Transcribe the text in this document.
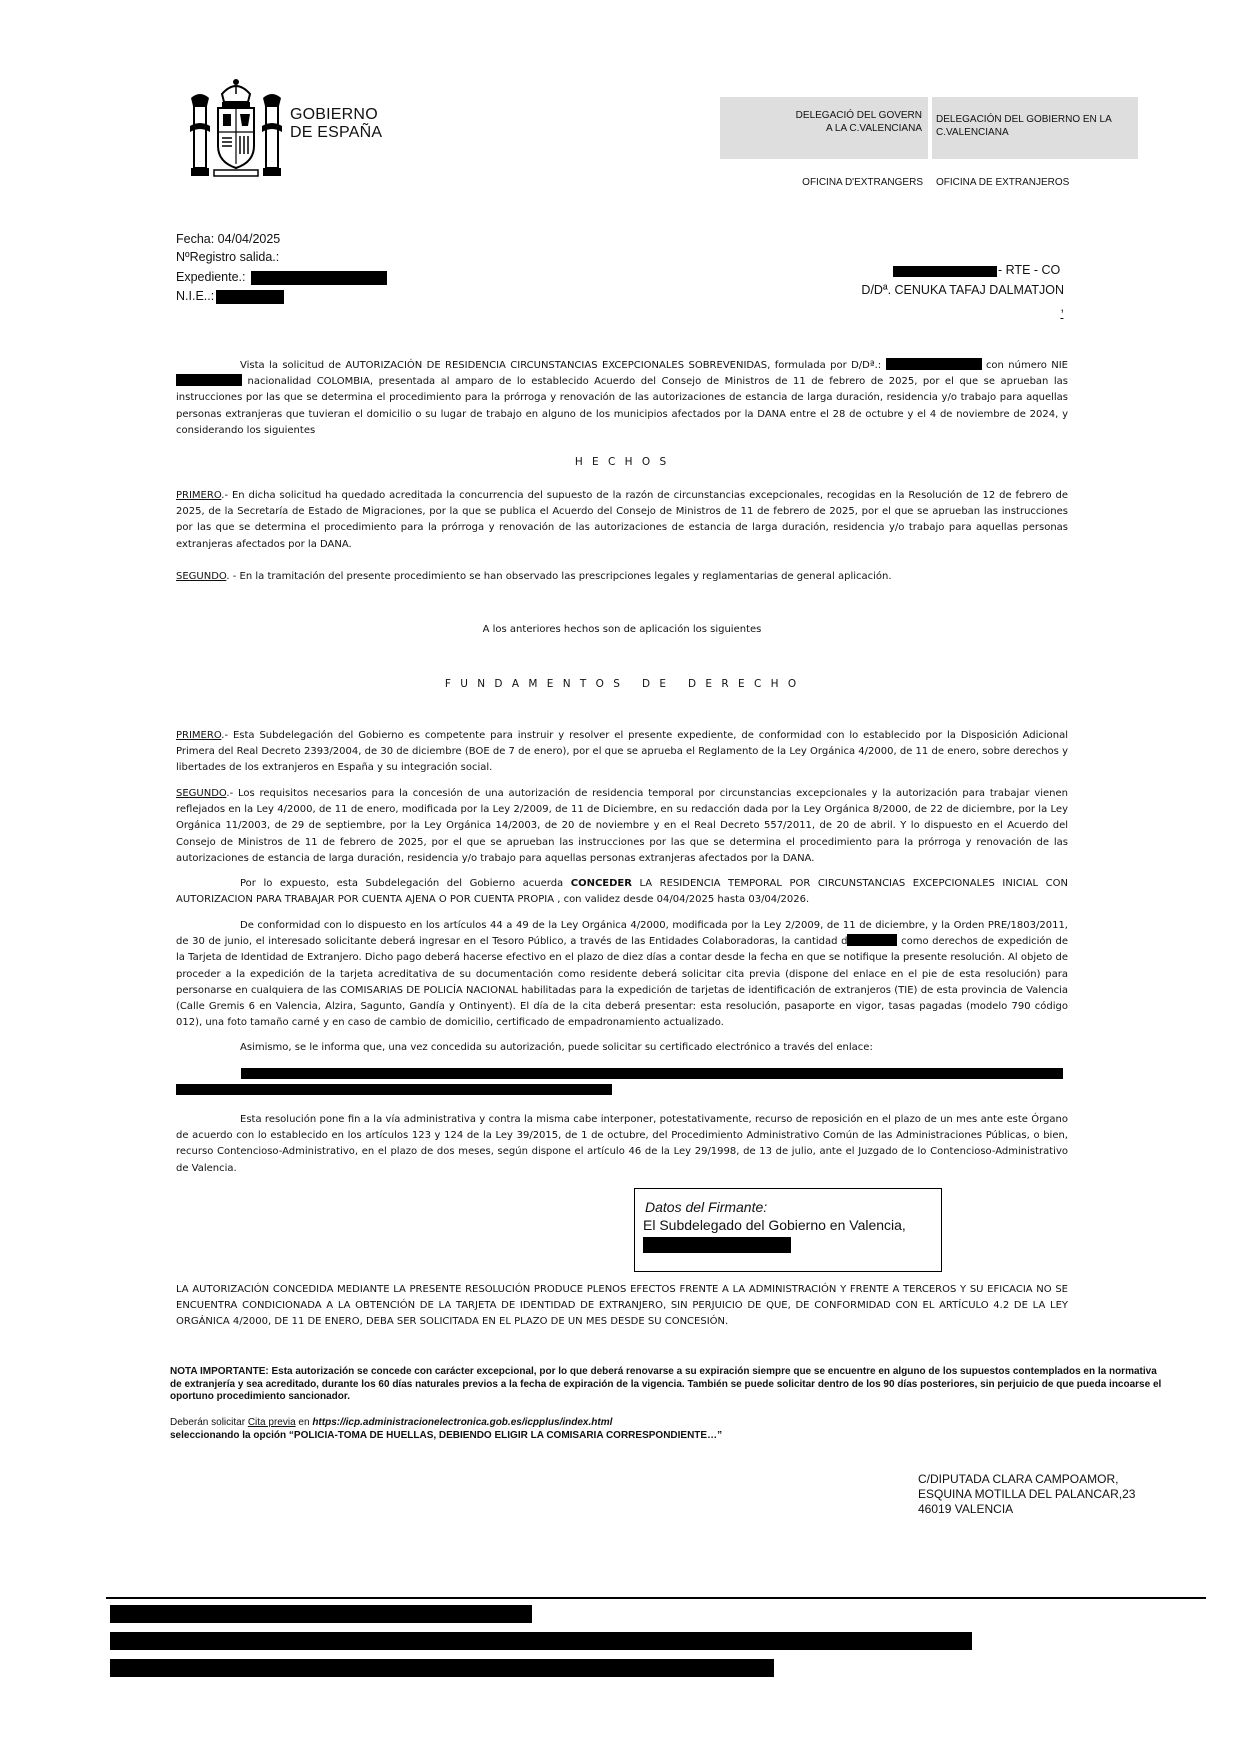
GOBIERNO
DE ESPAÑA
DELEGACIÓ DEL GOVERN
A LA C.VALENCIANA
DELEGACIÓN DEL GOBIERNO EN LA
C.VALENCIANA
OFICINA D'EXTRANGERS OFICINA DE EXTRANJEROS
Fecha: 04/04/2025
NºRegistro salida.:
Expediente.:
N.I.E..:
- RTE - CO
D/Dª. CENUKA TAFAJ DALMATJON
,
-
Vista la solicitud de AUTORIZACIÓN DE RESIDENCIA CIRCUNSTANCIAS EXCEPCIONALES SOBREVENIDAS, formulada por D/Dª.:	con número NIE  nacionalidad COLOMBIA, presentada al amparo de lo establecido Acuerdo del Consejo de Ministros de 11 de febrero de 2025, por el que se aprueban las instrucciones por las que se determina el procedimiento para la prórroga y renovación de las autorizaciones de estancia de larga duración, residencia y/o trabajo para aquellas personas extranjeras que tuvieran el domicilio o su lugar de trabajo en alguno de los municipios afectados por la DANA entre el 28 de octubre y el 4 de noviembre de 2024, y considerando los siguientes
H E C H O S
PRIMERO.- En dicha solicitud ha quedado acreditada la concurrencia del supuesto de la razón de circunstancias excepcionales, recogidas en la Resolución de 12 de febrero de 2025, de la Secretaría de Estado de Migraciones, por la que se publica el Acuerdo del Consejo de Ministros de 11 de febrero de 2025, por el que se aprueban las instrucciones por las que se determina el procedimiento para la prórroga y renovación de las autorizaciones de estancia de larga duración, residencia y/o trabajo para aquellas personas extranjeras afectados por la DANA.
SEGUNDO. - En la tramitación del presente procedimiento se han observado las prescripciones legales y reglamentarias de general aplicación.
A los anteriores hechos son de aplicación los siguientes
F U N D A M E N T O S   D E   D E R E C H O
PRIMERO.- Esta Subdelegación del Gobierno es competente para instruir y resolver el presente expediente, de conformidad con lo establecido por la Disposición Adicional Primera del Real Decreto 2393/2004, de 30 de diciembre (BOE de 7 de enero), por el que se aprueba el Reglamento de la Ley Orgánica 4/2000, de 11 de enero, sobre derechos y libertades de los extranjeros en España y su integración social.
SEGUNDO.- Los requisitos necesarios para la concesión de una autorización de residencia temporal por circunstancias excepcionales y la autorización para trabajar vienen reflejados en la Ley 4/2000, de 11 de enero, modificada por la Ley 2/2009, de 11 de Diciembre, en su redacción dada por la Ley Orgánica 8/2000, de 22 de diciembre, por la Ley Orgánica 11/2003, de 29 de septiembre, por la Ley Orgánica 14/2003, de 20 de noviembre y en el Real Decreto 557/2011, de 20 de abril. Y lo dispuesto en el Acuerdo del Consejo de Ministros de 11 de febrero de 2025, por el que se aprueban las instrucciones por las que se determina el procedimiento para la prórroga y renovación de las autorizaciones de estancia de larga duración, residencia y/o trabajo para aquellas personas extranjeras afectados por la DANA.
Por lo expuesto, esta Subdelegación del Gobierno acuerda CONCEDER LA RESIDENCIA TEMPORAL POR CIRCUNSTANCIAS EXCEPCIONALES INICIAL CON AUTORIZACION PARA TRABAJAR POR CUENTA AJENA O POR CUENTA PROPIA , con validez desde 04/04/2025 hasta 03/04/2026.
De conformidad con lo dispuesto en los artículos 44 a 49 de la Ley Orgánica 4/2000, modificada por la Ley 2/2009, de 11 de diciembre, y la Orden PRE/1803/2011, de 30 de junio, el interesado solicitante deberá ingresar en el Tesoro Público, a través de las Entidades Colaboradoras, la cantidad d	como derechos de expedición de la Tarjeta de Identidad de Extranjero. Dicho pago deberá hacerse efectivo en el plazo de diez días a contar desde la fecha en que se notifique la presente resolución. Al objeto de proceder a la expedición de la tarjeta acreditativa de su documentación como residente deberá solicitar cita previa (dispone del enlace en el pie de esta resolución) para personarse en cualquiera de las COMISARIAS DE POLICÍA NACIONAL habilitadas para la expedición de tarjetas de identificación de extranjeros (TIE) de esta provincia de Valencia (Calle Gremis 6 en Valencia, Alzira, Sagunto, Gandía y Ontinyent). El día de la cita deberá presentar: esta resolución, pasaporte en vigor, tasas pagadas (modelo 790 código 012), una foto tamaño carné y en caso de cambio de domicilio, certificado de empadronamiento actualizado.
Asimismo, se le informa que, una vez concedida su autorización, puede solicitar su certificado electrónico a través del enlace:
Esta resolución pone fin a la vía administrativa y contra la misma cabe interponer, potestativamente, recurso de reposición en el plazo de un mes ante este Órgano de acuerdo con lo establecido en los artículos 123 y 124 de la Ley 39/2015, de 1 de octubre, del Procedimiento Administrativo Común de las Administraciones Públicas, o bien, recurso Contencioso-Administrativo, en el plazo de dos meses, según dispone el artículo 46 de la Ley 29/1998, de 13 de julio, ante el Juzgado de lo Contencioso-Administrativo de Valencia.
Datos del Firmante:
El Subdelegado del Gobierno en Valencia,
LA AUTORIZACIÓN CONCEDIDA MEDIANTE LA PRESENTE RESOLUCIÓN PRODUCE PLENOS EFECTOS FRENTE A LA ADMINISTRACIÓN Y FRENTE A TERCEROS Y SU EFICACIA NO SE ENCUENTRA CONDICIONADA A LA OBTENCIÓN DE LA TARJETA DE IDENTIDAD DE EXTRANJERO, SIN PERJUICIO DE QUE, DE CONFORMIDAD CON EL ARTÍCULO 4.2 DE LA LEY ORGÁNICA 4/2000, DE 11 DE ENERO, DEBA SER SOLICITADA EN EL PLAZO DE UN MES DESDE SU CONCESIÓN.
NOTA IMPORTANTE: Esta autorización se concede con carácter excepcional, por lo que deberá renovarse a su expiración siempre que se encuentre en alguno de los supuestos contemplados en la normativa de extranjería y sea acreditado, durante los 60 días naturales previos a la fecha de expiración de la vigencia. También se puede solicitar dentro de los 90 días posteriores, sin perjuicio de que pueda incoarse el oportuno procedimiento sancionador.
Deberán solicitar Cita previa en https://icp.administracionelectronica.gob.es/icpplus/index.html
seleccionando la opción “POLICIA-TOMA DE HUELLAS, DEBIENDO ELIGIR LA COMISARIA CORRESPONDIENTE…”
C/DIPUTADA CLARA CAMPOAMOR,
ESQUINA MOTILLA DEL PALANCAR,23
46019 VALENCIA
